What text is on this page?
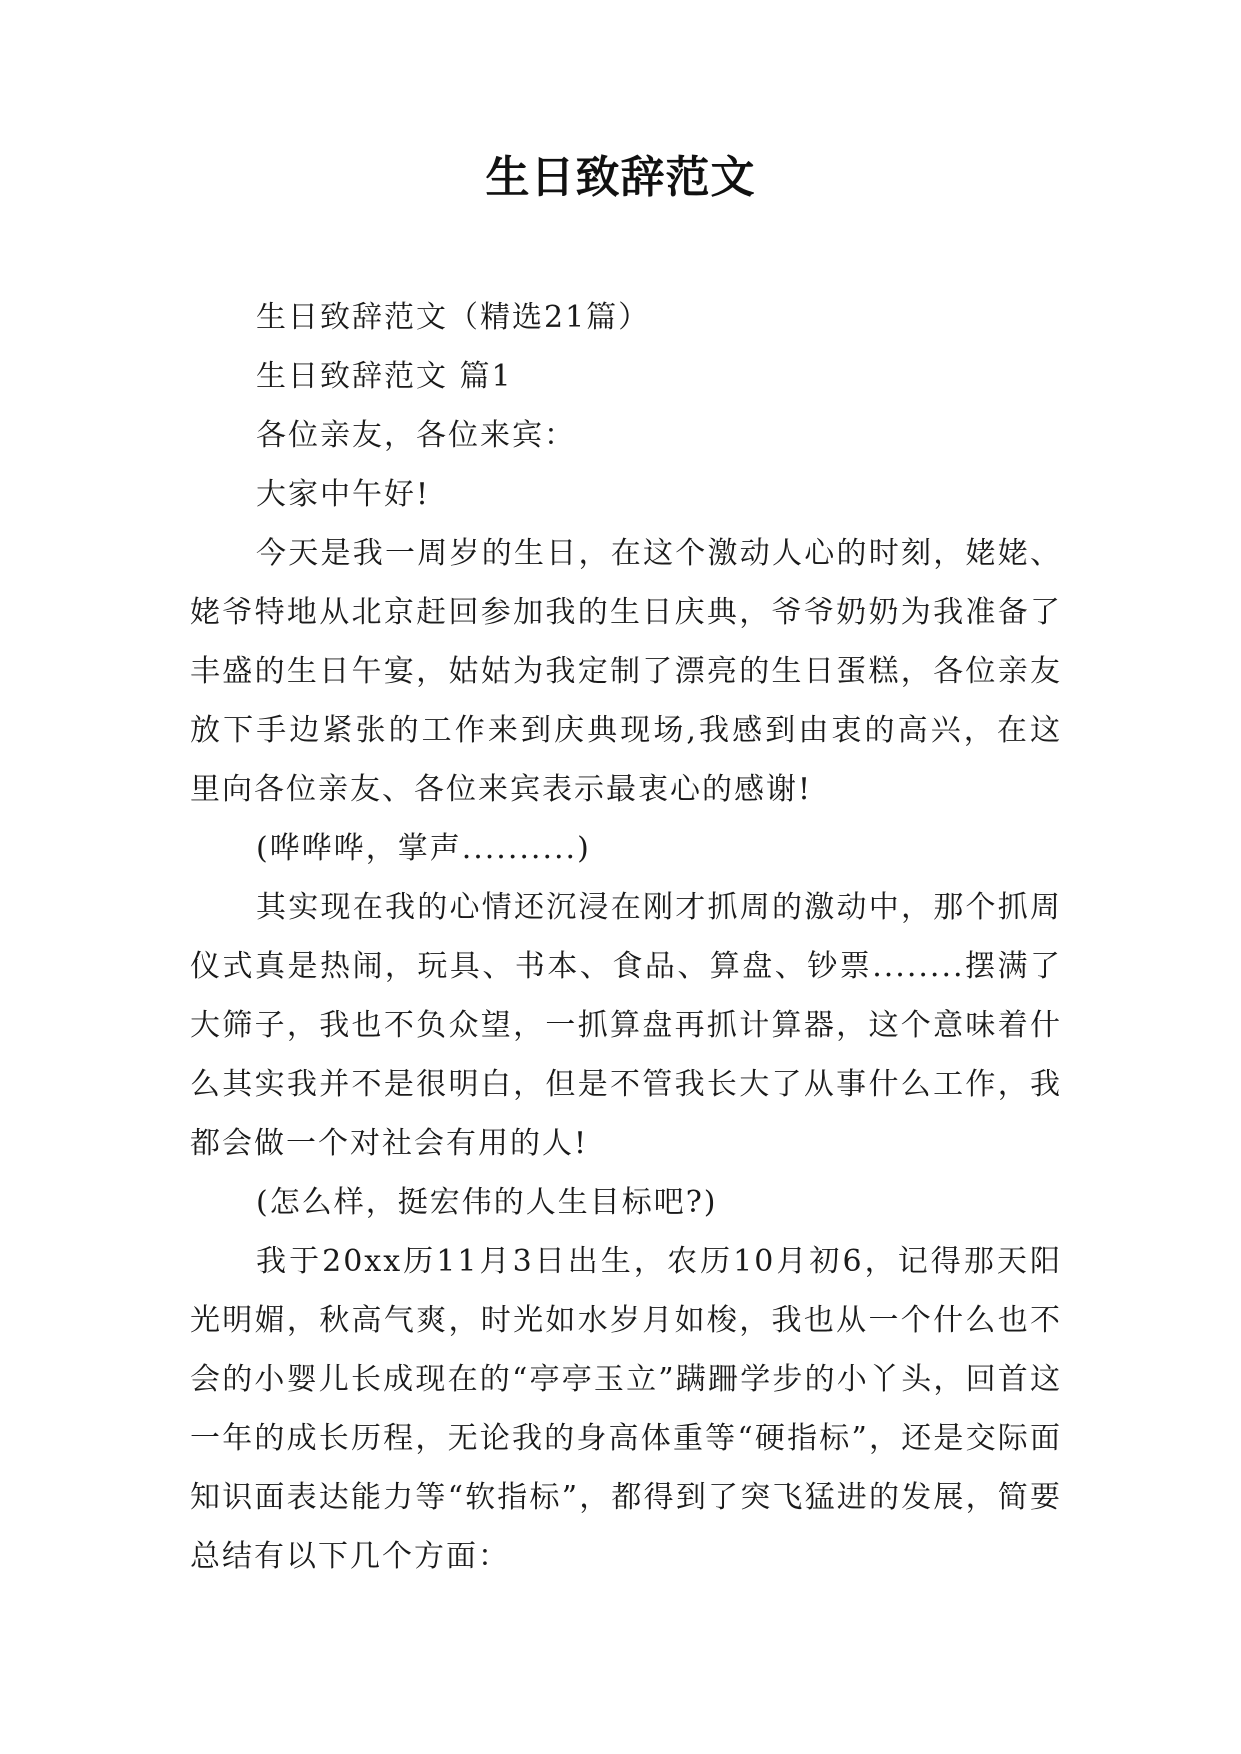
生日致辞范文

生日致辞范文（精选21篇）

生日致辞范文 篇1

各位亲友，各位来宾：

大家中午好!

今天是我一周岁的生日，在这个激动人心的时刻，姥姥、姥爷特地从北京赶回参加我的生日庆典，爷爷奶奶为我准备了丰盛的生日午宴，姑姑为我定制了漂亮的生日蛋糕，各位亲友放下手边紧张的工作来到庆典现场,我感到由衷的高兴，在这里向各位亲友、各位来宾表示最衷心的感谢!

(哗哗哗，掌声..........)

其实现在我的心情还沉浸在刚才抓周的激动中，那个抓周仪式真是热闹，玩具、书本、食品、算盘、钞票........摆满了大筛子，我也不负众望，一抓算盘再抓计算器，这个意味着什么其实我并不是很明白，但是不管我长大了从事什么工作，我都会做一个对社会有用的人!

(怎么样，挺宏伟的人生目标吧?)

我于20xx历11月3日出生，农历10月初6，记得那天阳光明媚，秋高气爽，时光如水岁月如梭，我也从一个什么也不会的小婴儿长成现在的“亭亭玉立”蹒跚学步的小丫头，回首这一年的成长历程，无论我的身高体重等“硬指标”，还是交际面知识面表达能力等“软指标”，都得到了突飞猛进的发展，简要总结有以下几个方面：
